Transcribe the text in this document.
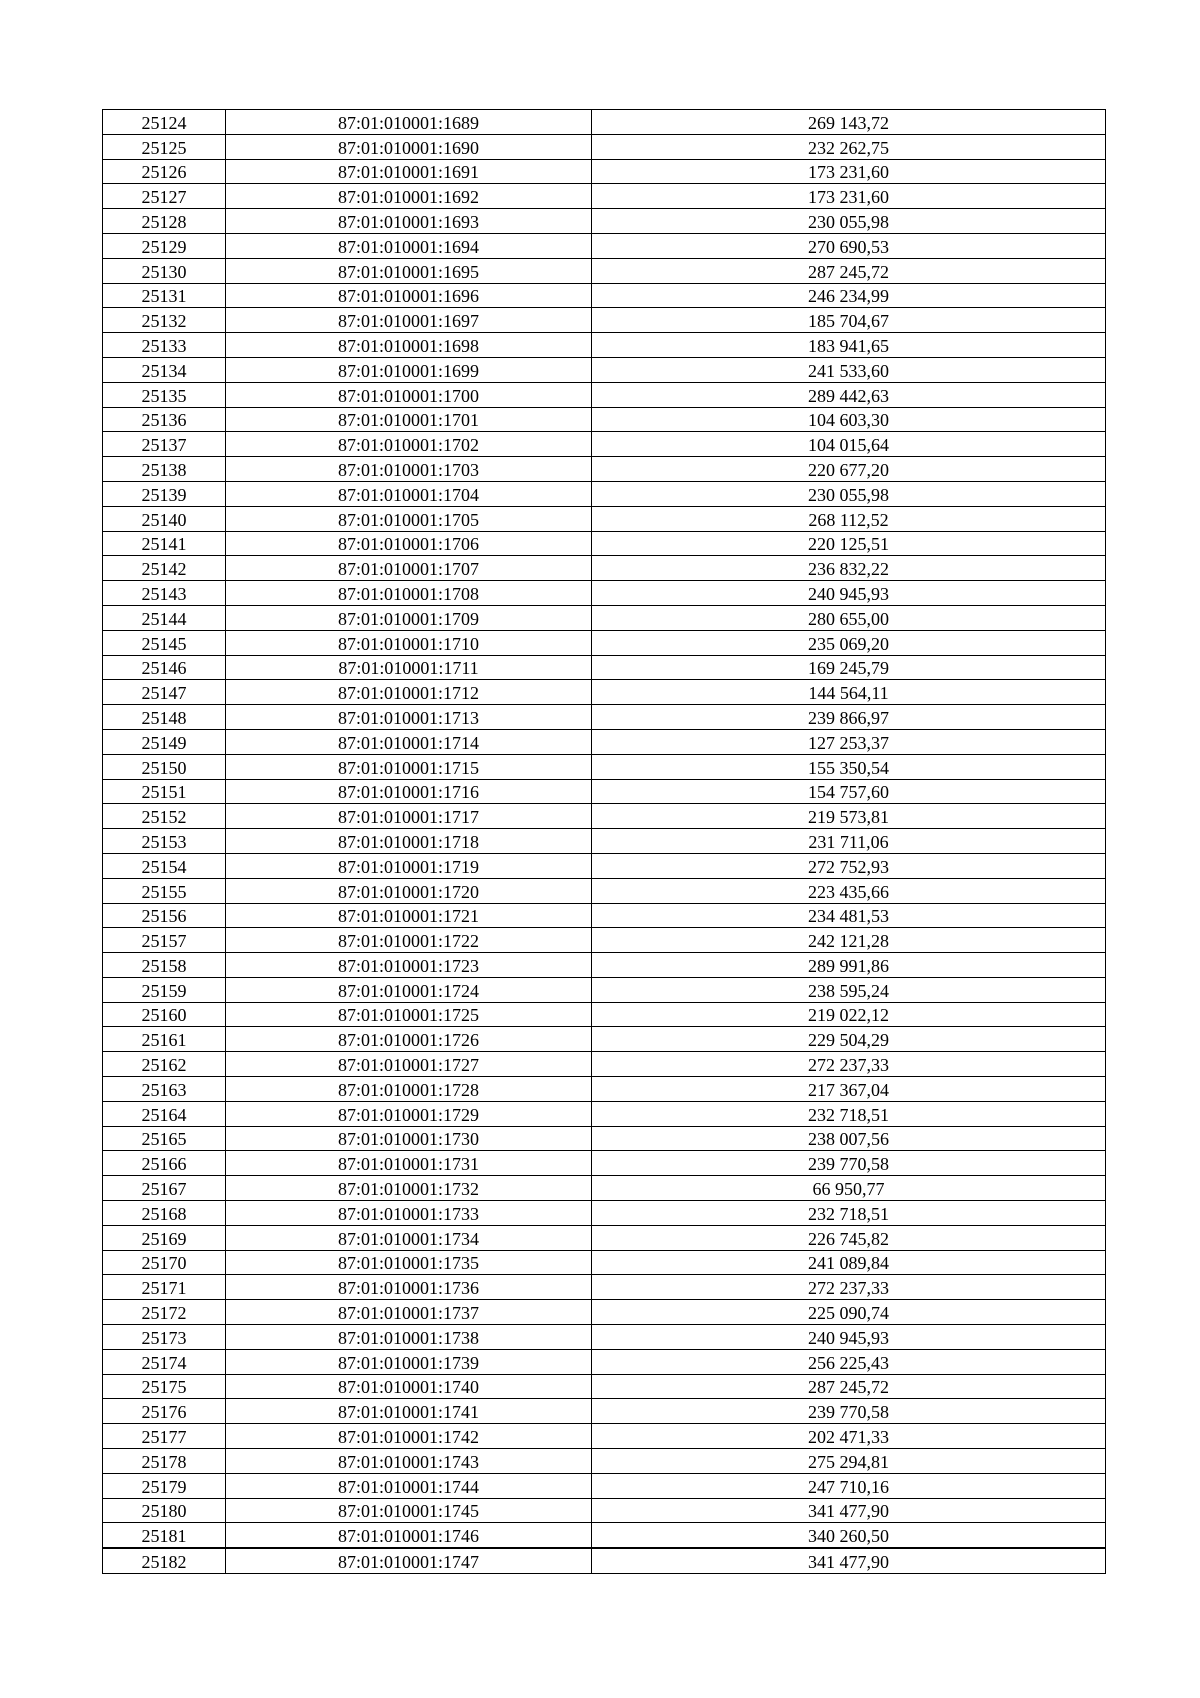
25124	87:01:010001:1689	269 143,72
25125	87:01:010001:1690	232 262,75
25126	87:01:010001:1691	173 231,60
25127	87:01:010001:1692	173 231,60
25128	87:01:010001:1693	230 055,98
25129	87:01:010001:1694	270 690,53
25130	87:01:010001:1695	287 245,72
25131	87:01:010001:1696	246 234,99
25132	87:01:010001:1697	185 704,67
25133	87:01:010001:1698	183 941,65
25134	87:01:010001:1699	241 533,60
25135	87:01:010001:1700	289 442,63
25136	87:01:010001:1701	104 603,30
25137	87:01:010001:1702	104 015,64
25138	87:01:010001:1703	220 677,20
25139	87:01:010001:1704	230 055,98
25140	87:01:010001:1705	268 112,52
25141	87:01:010001:1706	220 125,51
25142	87:01:010001:1707	236 832,22
25143	87:01:010001:1708	240 945,93
25144	87:01:010001:1709	280 655,00
25145	87:01:010001:1710	235 069,20
25146	87:01:010001:1711	169 245,79
25147	87:01:010001:1712	144 564,11
25148	87:01:010001:1713	239 866,97
25149	87:01:010001:1714	127 253,37
25150	87:01:010001:1715	155 350,54
25151	87:01:010001:1716	154 757,60
25152	87:01:010001:1717	219 573,81
25153	87:01:010001:1718	231 711,06
25154	87:01:010001:1719	272 752,93
25155	87:01:010001:1720	223 435,66
25156	87:01:010001:1721	234 481,53
25157	87:01:010001:1722	242 121,28
25158	87:01:010001:1723	289 991,86
25159	87:01:010001:1724	238 595,24
25160	87:01:010001:1725	219 022,12
25161	87:01:010001:1726	229 504,29
25162	87:01:010001:1727	272 237,33
25163	87:01:010001:1728	217 367,04
25164	87:01:010001:1729	232 718,51
25165	87:01:010001:1730	238 007,56
25166	87:01:010001:1731	239 770,58
25167	87:01:010001:1732	66 950,77
25168	87:01:010001:1733	232 718,51
25169	87:01:010001:1734	226 745,82
25170	87:01:010001:1735	241 089,84
25171	87:01:010001:1736	272 237,33
25172	87:01:010001:1737	225 090,74
25173	87:01:010001:1738	240 945,93
25174	87:01:010001:1739	256 225,43
25175	87:01:010001:1740	287 245,72
25176	87:01:010001:1741	239 770,58
25177	87:01:010001:1742	202 471,33
25178	87:01:010001:1743	275 294,81
25179	87:01:010001:1744	247 710,16
25180	87:01:010001:1745	341 477,90
25181	87:01:010001:1746	340 260,50
25182	87:01:010001:1747	341 477,90
